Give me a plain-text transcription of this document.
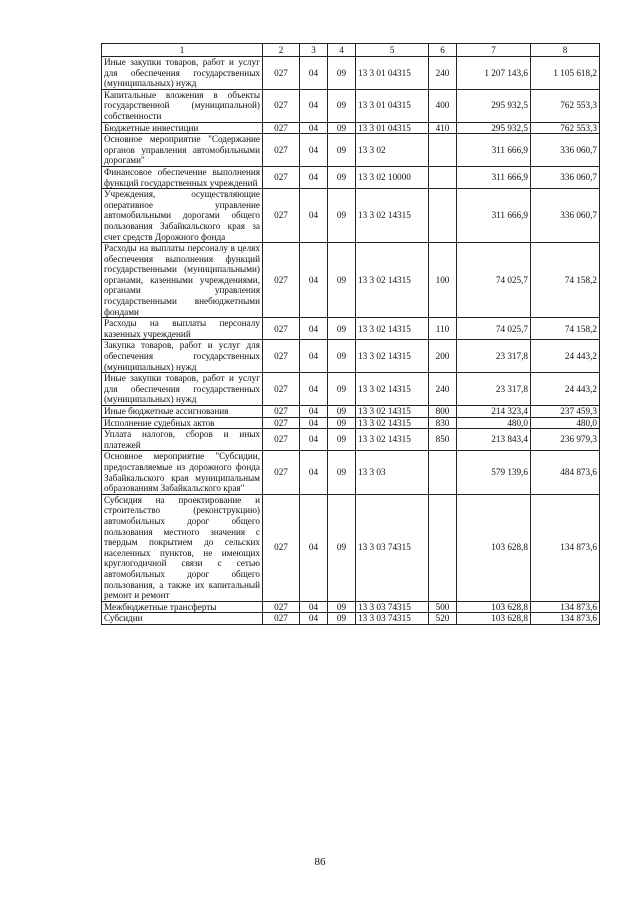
1	2	3	4	5	6	7	8
Иные закупки товаров, работ и услуг для обеспечения государственных (муниципальных) нужд	027	04	09	13 3 01 04315	240	1 207 143,6	1 105 618,2
Капитальные вложения в объекты государственной (муниципальной) собственности	027	04	09	13 3 01 04315	400	295 932,5	762 553,3
Бюджетные инвестиции	027	04	09	13 3 01 04315	410	295 932,5	762 553,3
Основное мероприятие "Содержание органов управления автомобильными дорогами"	027	04	09	13 3 02		311 666,9	336 060,7
Финансовое обеспечение выполнения функций государственных учреждений	027	04	09	13 3 02 10000		311 666,9	336 060,7
Учреждения, осуществляющие оперативное управление автомобильными дорогами общего пользования Забайкальского края за счет средств Дорожного фонда	027	04	09	13 3 02 14315		311 666,9	336 060,7
Расходы на выплаты персоналу в целях обеспечения выполнения функций государственными (муниципальными) органами, казенными учреждениями, органами управления государственными внебюджетными фондами	027	04	09	13 3 02 14315	100	74 025,7	74 158,2
Расходы на выплаты персоналу казенных учреждений	027	04	09	13 3 02 14315	110	74 025,7	74 158,2
Закупка товаров, работ и услуг для обеспечения государственных (муниципальных) нужд	027	04	09	13 3 02 14315	200	23 317,8	24 443,2
Иные закупки товаров, работ и услуг для обеспечения государственных (муниципальных) нужд	027	04	09	13 3 02 14315	240	23 317,8	24 443,2
Иные бюджетные ассигнования	027	04	09	13 3 02 14315	800	214 323,4	237 459,3
Исполнение судебных актов	027	04	09	13 3 02 14315	830	480,0	480,0
Уплата налогов, сборов и иных платежей	027	04	09	13 3 02 14315	850	213 843,4	236 979,3
Основное мероприятие "Субсидии, предоставляемые из дорожного фонда Забайкальского края муниципальным образованиям Забайкальского края"	027	04	09	13 3 03		579 139,6	484 873,6
Субсидия на проектирование и строительство (реконструкцию) автомобильных дорог общего пользования местного значения с твердым покрытием до сельских населенных пунктов, не имеющих круглогодичной связи с сетью автомобильных дорог общего пользования, а также их капитальный ремонт и ремонт	027	04	09	13 3 03 74315		103 628,8	134 873,6
Межбюджетные трансферты	027	04	09	13 3 03 74315	500	103 628,8	134 873,6
Субсидии	027	04	09	13 3 03 74315	520	103 628,8	134 873,6
86
